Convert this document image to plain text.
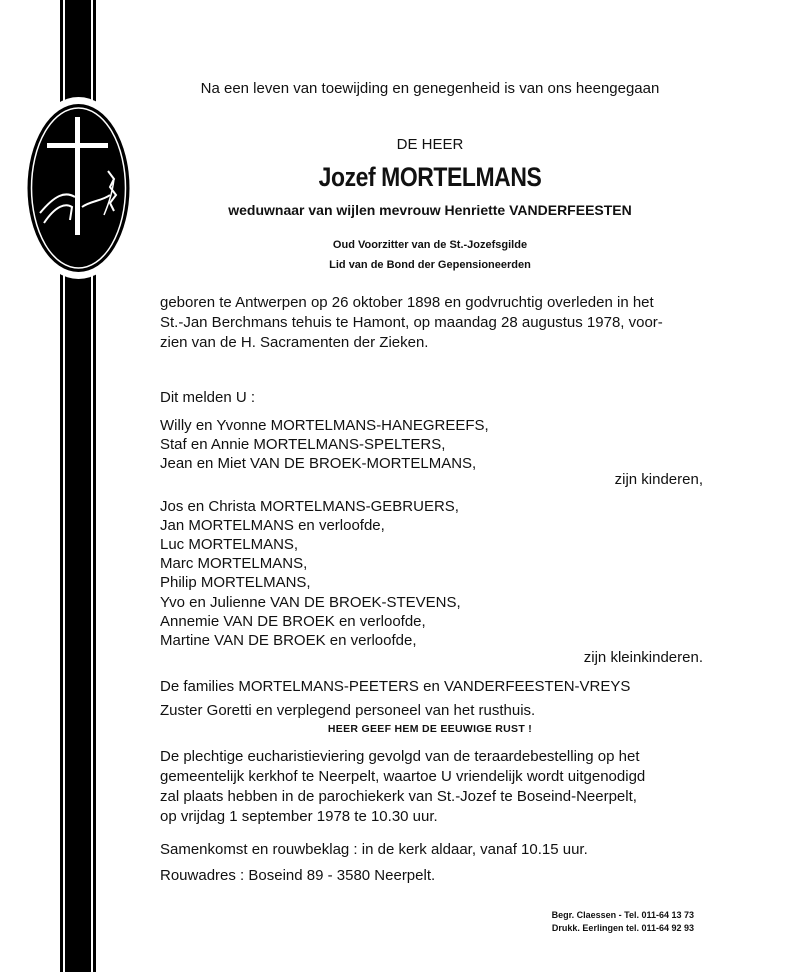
Na een leven van toewijding en genegenheid is van ons heengegaan
DE HEER
Jozef MORTELMANS
weduwnaar van wijlen mevrouw Henriette VANDERFEESTEN
Oud Voorzitter van de St.-Jozefsgilde
Lid van de Bond der Gepensioneerden
geboren te Antwerpen op 26 oktober 1898 en godvruchtig overleden in het
St.-Jan Berchmans tehuis te Hamont, op maandag 28 augustus 1978, voor-
zien van de H. Sacramenten der Zieken.
Dit melden U :
Willy en Yvonne MORTELMANS-HANEGREEFS,
Staf en Annie MORTELMANS-SPELTERS,
Jean en Miet VAN DE BROEK-MORTELMANS,
zijn kinderen,
Jos en Christa MORTELMANS-GEBRUERS,
Jan MORTELMANS en verloofde,
Luc MORTELMANS,
Marc MORTELMANS,
Philip MORTELMANS,
Yvo en Julienne VAN DE BROEK-STEVENS,
Annemie VAN DE BROEK en verloofde,
Martine VAN DE BROEK en verloofde,
zijn kleinkinderen.
De families MORTELMANS-PEETERS en VANDERFEESTEN-VREYS
Zuster Goretti en verplegend personeel van het rusthuis.
HEER GEEF HEM DE EEUWIGE RUST !
De plechtige eucharistieviering gevolgd van de teraardebestelling op het
gemeentelijk kerkhof te Neerpelt, waartoe U vriendelijk wordt uitgenodigd
zal plaats hebben in de parochiekerk van St.-Jozef te Boseind-Neerpelt,
op vrijdag 1 september 1978 te 10.30 uur.
Samenkomst en rouwbeklag : in de kerk aldaar, vanaf 10.15 uur.
Rouwadres : Boseind 89 - 3580 Neerpelt.
Begr. Claessen - Tel. 011-64 13 73
Drukk. Eerlingen tel. 011-64 92 93
